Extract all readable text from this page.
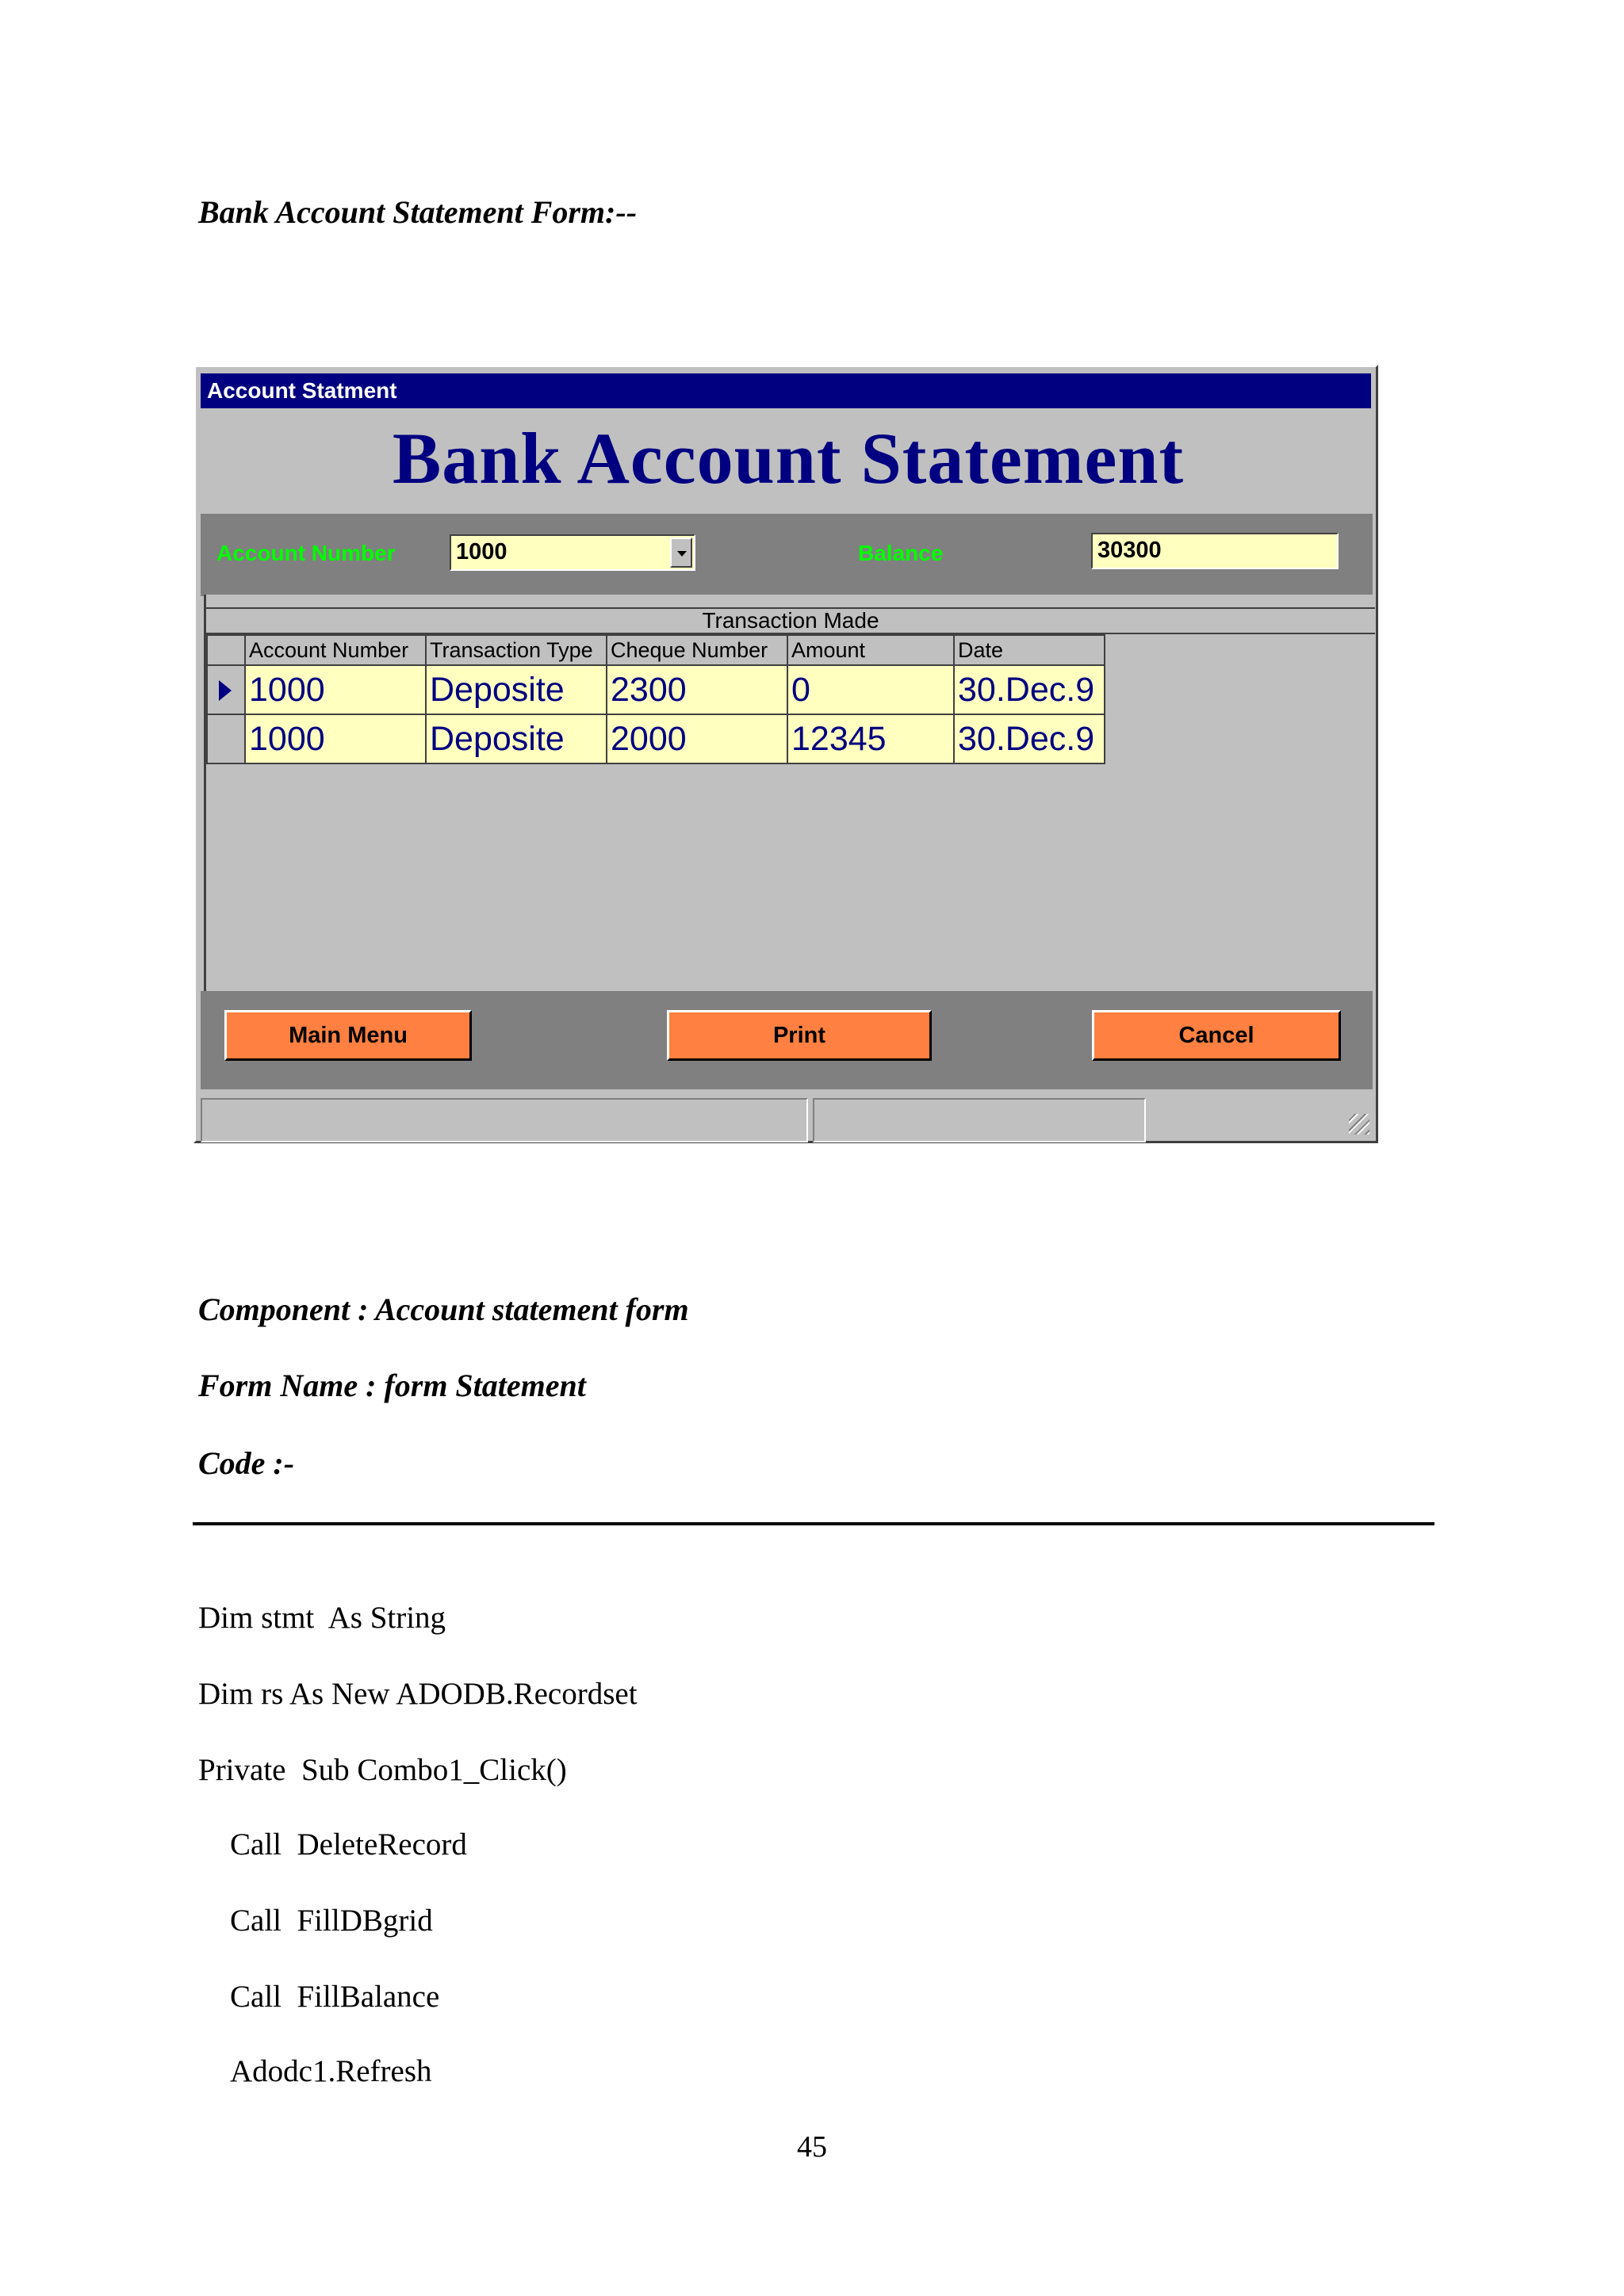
Bank Account Statement Form:--
Account Statment
Bank Account Statement
Account Number	1000	Balance	30300
Transaction Made
	Account Number	Transaction Type	Cheque Number	Amount	Date
	1000	Deposite	2300	0	30.Dec.9
	1000	Deposite	2000	12345	30.Dec.9
Main Menu	Print	Cancel
Component : Account statement form
Form Name : form Statement
Code :-
Dim stmt  As String
Dim rs As New ADODB.Recordset
Private  Sub Combo1_Click()
Call  DeleteRecord
Call  FillDBgrid
Call  FillBalance
Adodc1.Refresh
45
